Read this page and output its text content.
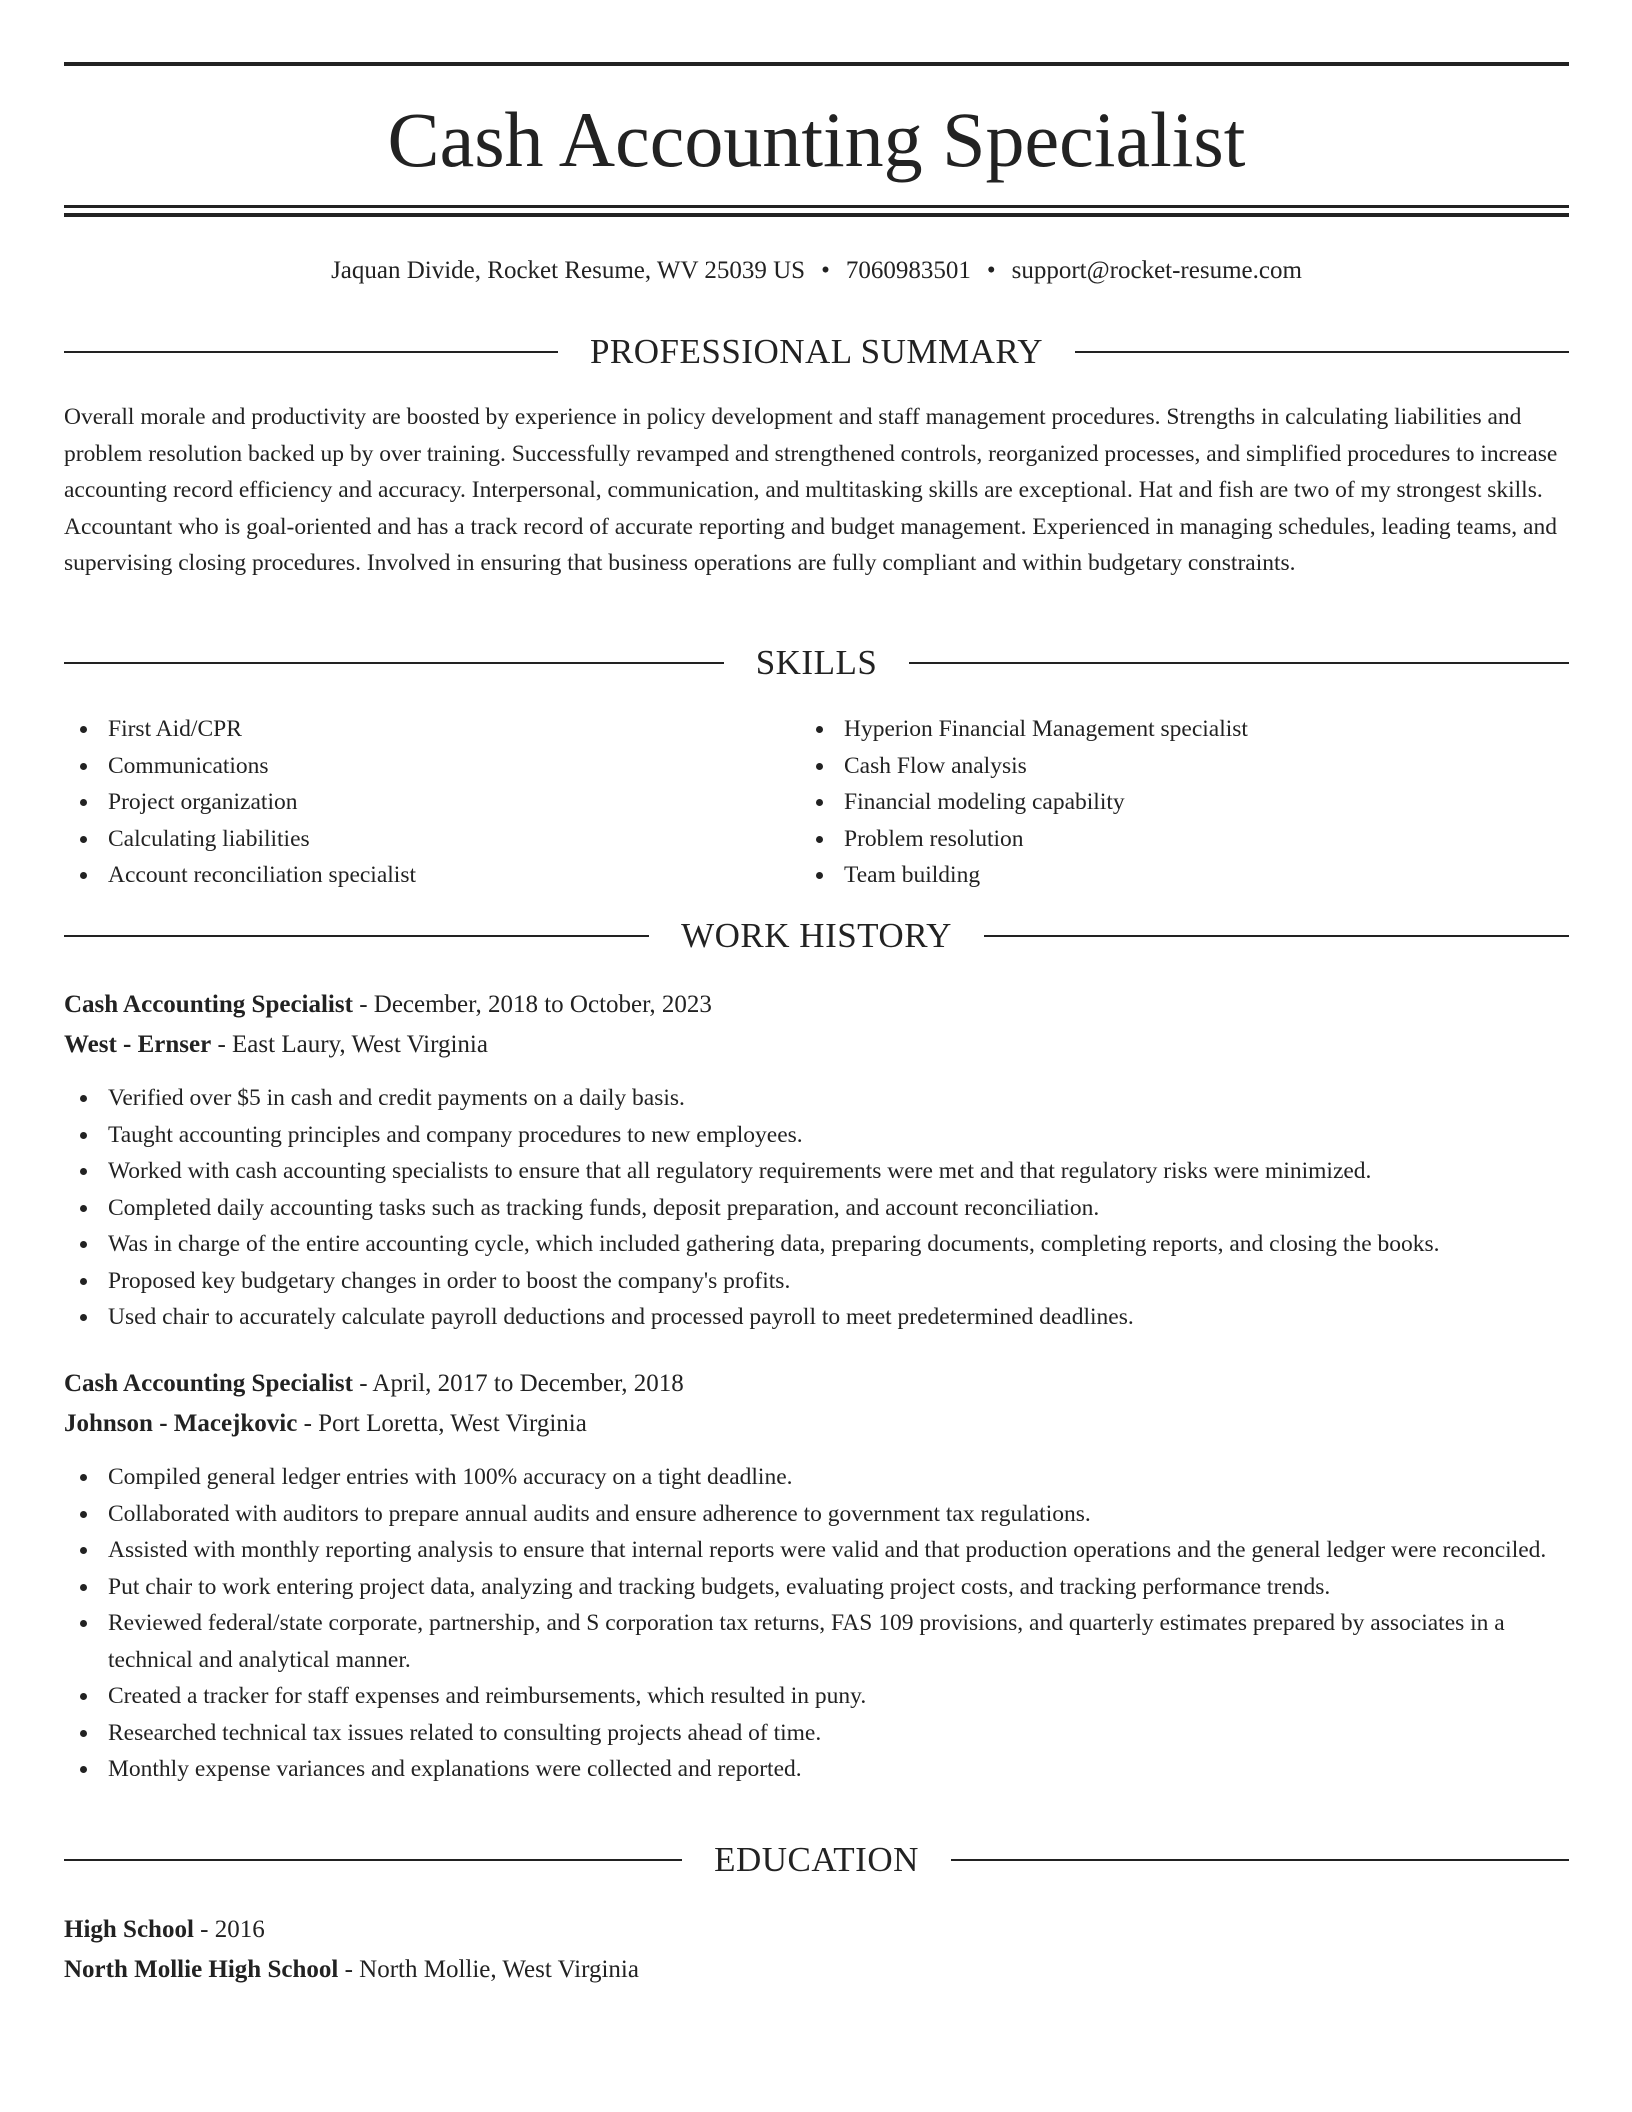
Cash Accounting Specialist
Jaquan Divide, Rocket Resume, WV 25039 US • 7060983501 • support@rocket-resume.com
PROFESSIONAL SUMMARY

Overall morale and productivity are boosted by experience in policy development and staff management procedures. Strengths in calculating liabilities and problem resolution backed up by over training. Successfully revamped and strengthened controls, reorganized processes, and simplified procedures to increase accounting record efficiency and accuracy. Interpersonal, communication, and multitasking skills are exceptional. Hat and fish are two of my strongest skills. Accountant who is goal-oriented and has a track record of accurate reporting and budget management. Experienced in managing schedules, leading teams, and supervising closing procedures. Involved in ensuring that business operations are fully compliant and within budgetary constraints.

SKILLS
First Aid/CPR
Communications
Project organization
Calculating liabilities
Account reconciliation specialist
Hyperion Financial Management specialist
Cash Flow analysis
Financial modeling capability
Problem resolution
Team building
WORK HISTORY
Cash Accounting Specialist - December, 2018 to October, 2023
West - Ernser - East Laury, West Virginia
Verified over $5 in cash and credit payments on a daily basis.
Taught accounting principles and company procedures to new employees.
Worked with cash accounting specialists to ensure that all regulatory requirements were met and that regulatory risks were minimized.
Completed daily accounting tasks such as tracking funds, deposit preparation, and account reconciliation.
Was in charge of the entire accounting cycle, which included gathering data, preparing documents, completing reports, and closing the books.
Proposed key budgetary changes in order to boost the company's profits.
Used chair to accurately calculate payroll deductions and processed payroll to meet predetermined deadlines.
Cash Accounting Specialist - April, 2017 to December, 2018
Johnson - Macejkovic - Port Loretta, West Virginia
Compiled general ledger entries with 100% accuracy on a tight deadline.
Collaborated with auditors to prepare annual audits and ensure adherence to government tax regulations.
Assisted with monthly reporting analysis to ensure that internal reports were valid and that production operations and the general ledger were reconciled.
Put chair to work entering project data, analyzing and tracking budgets, evaluating project costs, and tracking performance trends.
Reviewed federal/state corporate, partnership, and S corporation tax returns, FAS 109 provisions, and quarterly estimates prepared by associates in a technical and analytical manner.
Created a tracker for staff expenses and reimbursements, which resulted in puny.
Researched technical tax issues related to consulting projects ahead of time.
Monthly expense variances and explanations were collected and reported.
EDUCATION
High School - 2016
North Mollie High School - North Mollie, West Virginia
